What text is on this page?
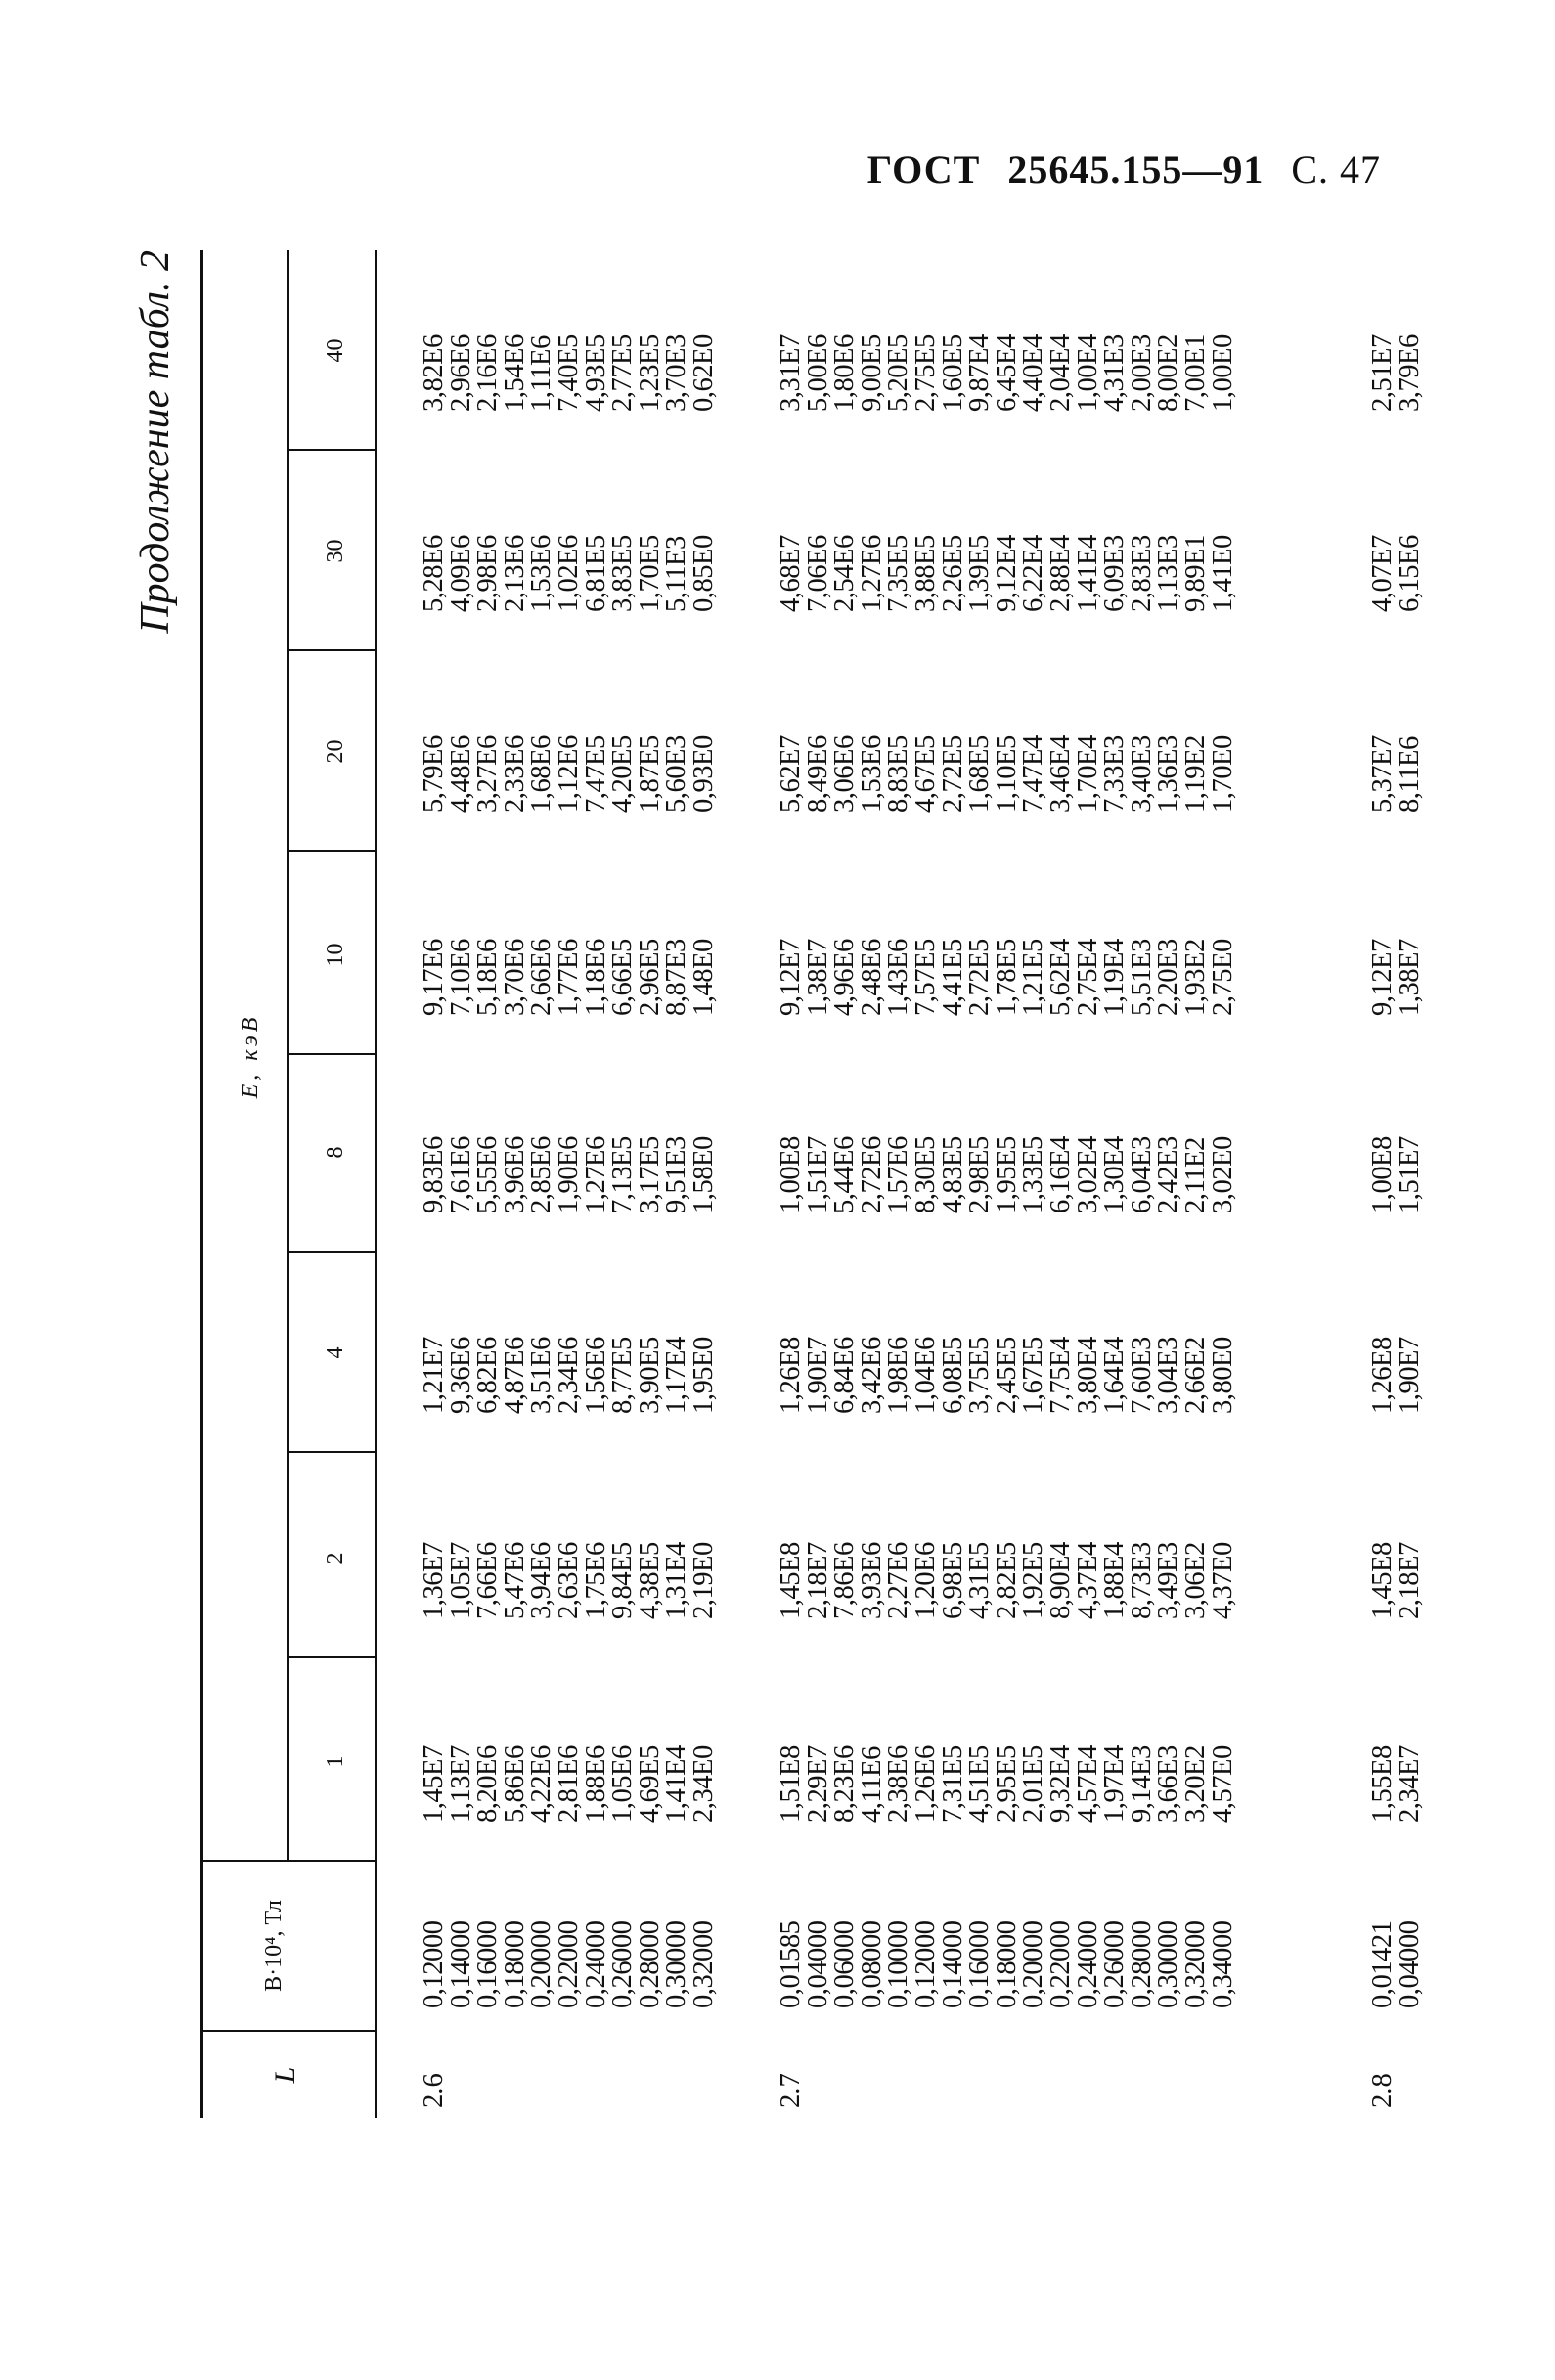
ГОСТ 25645.155—91 С. 47
Продолжение табл. 2
L
B·10⁴, Тл
E, кэВ
1
2
4
8
10
20
30
40
2.6
0,12000
0,14000
0,16000
0,18000
0,20000
0,22000
0,24000
0,26000
0,28000
0,30000
0,32000
1,45E7
1,13E7
8,20E6
5,86E6
4,22E6
2,81E6
1,88E6
1,05E6
4,69E5
1,41E4
2,34E0
1,36E7
1,05E7
7,66E6
5,47E6
3,94E6
2,63E6
1,75E6
9,84E5
4,38E5
1,31E4
2,19E0
1,21E7
9,36E6
6,82E6
4,87E6
3,51E6
2,34E6
1,56E6
8,77E5
3,90E5
1,17E4
1,95E0
9,83E6
7,61E6
5,55E6
3,96E6
2,85E6
1,90E6
1,27E6
7,13E5
3,17E5
9,51E3
1,58E0
9,17E6
7,10E6
5,18E6
3,70E6
2,66E6
1,77E6
1,18E6
6,66E5
2,96E5
8,87E3
1,48E0
5,79E6
4,48E6
3,27E6
2,33E6
1,68E6
1,12E6
7,47E5
4,20E5
1,87E5
5,60E3
0,93E0
5,28E6
4,09E6
2,98E6
2,13E6
1,53E6
1,02E6
6,81E5
3,83E5
1,70E5
5,11E3
0,85E0
3,82E6
2,96E6
2,16E6
1,54E6
1,11E6
7,40E5
4,93E5
2,77E5
1,23E5
3,70E3
0,62E0
2.7
0,01585
0,04000
0,06000
0,08000
0,10000
0,12000
0,14000
0,16000
0,18000
0,20000
0,22000
0,24000
0,26000
0,28000
0,30000
0,32000
0,34000
1,51E8
2,29E7
8,23E6
4,11E6
2,38E6
1,26E6
7,31E5
4,51E5
2,95E5
2,01E5
9,32E4
4,57E4
1,97E4
9,14E3
3,66E3
3,20E2
4,57E0
1,45E8
2,18E7
7,86E6
3,93E6
2,27E6
1,20E6
6,98E5
4,31E5
2,82E5
1,92E5
8,90E4
4,37E4
1,88E4
8,73E3
3,49E3
3,06E2
4,37E0
1,26E8
1,90E7
6,84E6
3,42E6
1,98E6
1,04E6
6,08E5
3,75E5
2,45E5
1,67E5
7,75E4
3,80E4
1,64E4
7,60E3
3,04E3
2,66E2
3,80E0
1,00E8
1,51E7
5,44E6
2,72E6
1,57E6
8,30E5
4,83E5
2,98E5
1,95E5
1,33E5
6,16E4
3,02E4
1,30E4
6,04E3
2,42E3
2,11E2
3,02E0
9,12E7
1,38E7
4,96E6
2,48E6
1,43E6
7,57E5
4,41E5
2,72E5
1,78E5
1,21E5
5,62E4
2,75E4
1,19E4
5,51E3
2,20E3
1,93E2
2,75E0
5,62E7
8,49E6
3,06E6
1,53E6
8,83E5
4,67E5
2,72E5
1,68E5
1,10E5
7,47E4
3,46E4
1,70E4
7,33E3
3,40E3
1,36E3
1,19E2
1,70E0
4,68E7
7,06E6
2,54E6
1,27E6
7,35E5
3,88E5
2,26E5
1,39E5
9,12E4
6,22E4
2,88E4
1,41E4
6,09E3
2,83E3
1,13E3
9,89E1
1,41E0
3,31E7
5,00E6
1,80E6
9,00E5
5,20E5
2,75E5
1,60E5
9,87E4
6,45E4
4,40E4
2,04E4
1,00E4
4,31E3
2,00E3
8,00E2
7,00E1
1,00E0
2.8
0,01421
0,04000
1,55E8
2,34E7
1,45E8
2,18E7
1,26E8
1,90E7
1,00E8
1,51E7
9,12E7
1,38E7
5,37E7
8,11E6
4,07E7
6,15E6
2,51E7
3,79E6
